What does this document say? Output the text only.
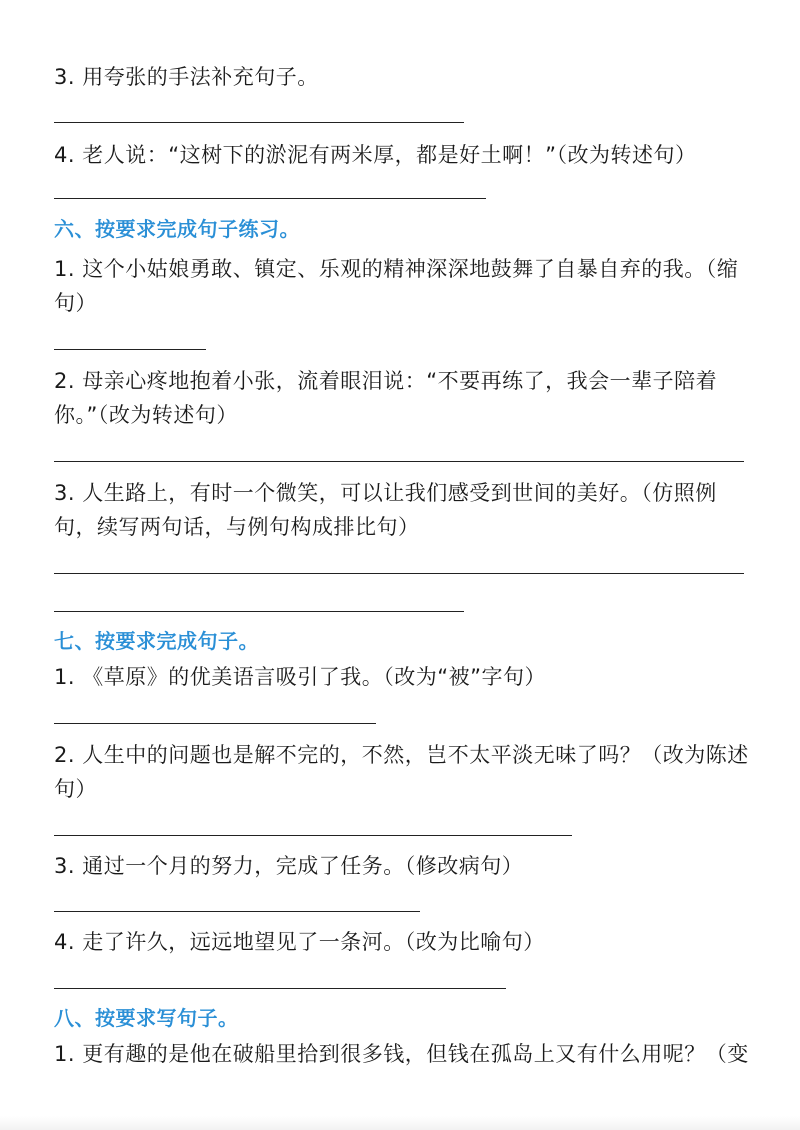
3. 用夸张的手法补充句子。
4. 老人说：“这树下的淤泥有两米厚，都是好土啊！”（改为转述句）
六、按要求完成句子练习。
1. 这个小姑娘勇敢、镇定、乐观的精神深深地鼓舞了自暴自弃的我。（缩
句）
2. 母亲心疼地抱着小张，流着眼泪说：“不要再练了，我会一辈子陪着
你。”（改为转述句）
3. 人生路上，有时一个微笑，可以让我们感受到世间的美好。（仿照例
句，续写两句话，与例句构成排比句）
七、按要求完成句子。
1. 《草原》的优美语言吸引了我。（改为“被”字句）
2. 人生中的问题也是解不完的，不然，岂不太平淡无味了吗？（改为陈述
句）
3. 通过一个月的努力，完成了任务。（修改病句）
4. 走了许久，远远地望见了一条河。（改为比喻句）
八、按要求写句子。
1. 更有趣的是他在破船里拾到很多钱，但钱在孤岛上又有什么用呢？（变
